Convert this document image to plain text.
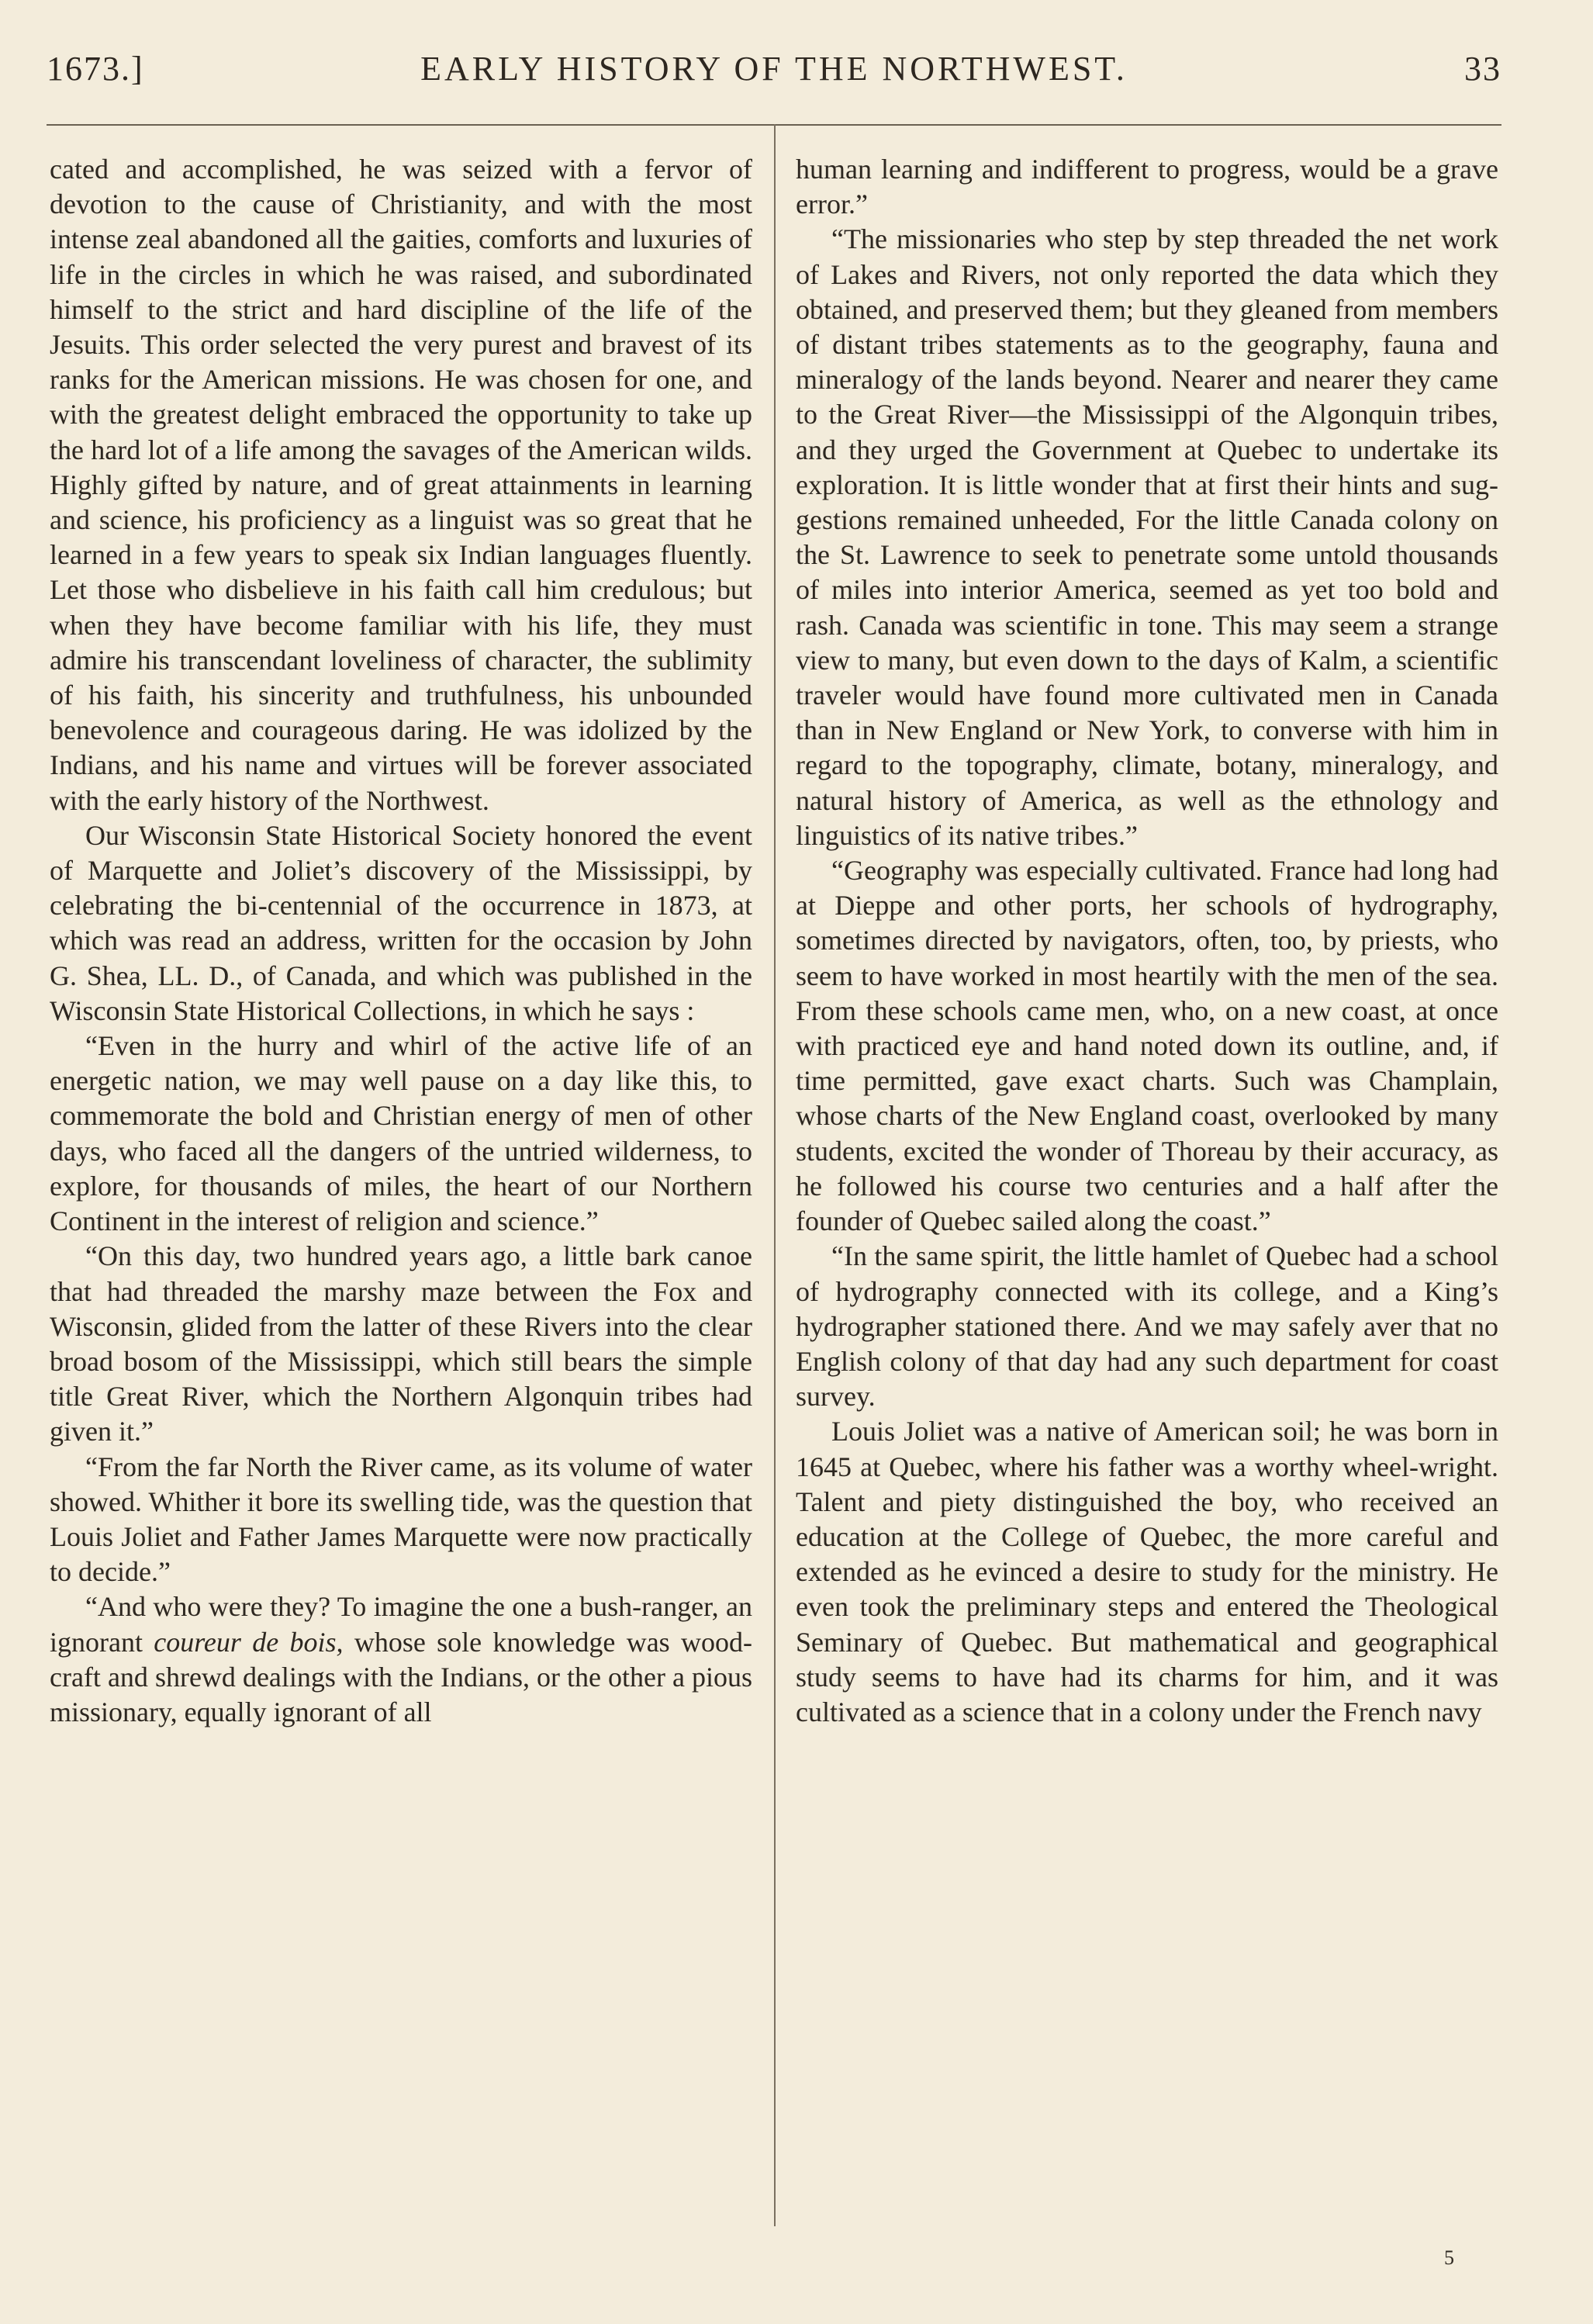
1673.]	EARLY HISTORY OF THE NORTHWEST.	33

cated and accomplished, he was seized with a fervor of devotion to the cause of Christianity, and with the most intense zeal abandoned all the gaities, comforts and luxuries of life in the circles in which he was raised, and subordinated himself to the strict and hard discipline of the life of the Jesuits. This order selected the very purest and bravest of its ranks for the American missions. He was chosen for one, and with the greatest delight embraced the opportunity to take up the hard lot of a life among the savages of the American wilds. Highly gifted by nature, and of great attainments in learning and science, his proficiency as a linguist was so great that he learned in a few years to speak six Indian languages fluently. Let those who disbelieve in his faith call him credulous; but when they have become familiar with his life, they must admire his transcendant loveliness of character, the sublimity of his faith, his sincerity and truthfulness, his unbounded benevolence and courageous daring. He was idolized by the Indians, and his name and virtues will be forever associated with the early history of the Northwest.

Our Wisconsin State Historical Society honored the event of Marquette and Joliet’s discovery of the Mississippi, by celebrating the bi-centennial of the occurrence in 1873, at which was read an address, written for the occasion by John G. Shea, LL. D., of Canada, and which was published in the Wisconsin State Historical Collections, in which he says :

“Even in the hurry and whirl of the active life of an energetic nation, we may well pause on a day like this, to commemorate the bold and Christian energy of men of other days, who faced all the dangers of the untried wilderness, to explore, for thousands of miles, the heart of our Northern Continent in the interest of religion and science.”

“On this day, two hundred years ago, a little bark canoe that had threaded the marshy maze between the Fox and Wisconsin, glided from the latter of these Rivers into the clear broad bosom of the Mississippi, which still bears the simple title Great River, which the Northern Algonquin tribes had given it.”

“From the far North the River came, as its volume of water showed. Whither it bore its swelling tide, was the question that Louis Joliet and Father James Marquette were now practically to decide.”

“And who were they? To imagine the one a bush-ranger, an ignorant coureur de bois, whose sole knowledge was wood-craft and shrewd dealings with the Indians, or the other a pious missionary, equally ignorant of all

human learning and indifferent to progress, would be a grave error.”

“The missionaries who step by step threaded the net work of Lakes and Rivers, not only reported the data which they obtained, and preserved them; but they gleaned from members of distant tribes statements as to the geography, fauna and mineralogy of the lands beyond. Nearer and nearer they came to the Great River—the Mississippi of the Algonquin tribes, and they urged the Government at Quebec to undertake its exploration. It is little wonder that at first their hints and suggestions remained unheeded, For the little Canada colony on the St. Lawrence to seek to penetrate some untold thousands of miles into interior America, seemed as yet too bold and rash. Canada was scientific in tone. This may seem a strange view to many, but even down to the days of Kalm, a scientific traveler would have found more cultivated men in Canada than in New England or New York, to converse with him in regard to the topography, climate, botany, mineralogy, and natural history of America, as well as the ethnology and linguistics of its native tribes.”

“Geography was especially cultivated. France had long had at Dieppe and other ports, her schools of hydrography, sometimes directed by navigators, often, too, by priests, who seem to have worked in most heartily with the men of the sea. From these schools came men, who, on a new coast, at once with practiced eye and hand noted down its outline, and, if time permitted, gave exact charts. Such was Champlain, whose charts of the New England coast, overlooked by many students, excited the wonder of Thoreau by their accuracy, as he followed his course two centuries and a half after the founder of Quebec sailed along the coast.”

“In the same spirit, the little hamlet of Quebec had a school of hydrography connected with its college, and a King’s hydrographer stationed there. And we may safely aver that no English colony of that day had any such department for coast survey.

Louis Joliet was a native of American soil; he was born in 1645 at Quebec, where his father was a worthy wheel-wright. Talent and piety distinguished the boy, who received an education at the College of Quebec, the more careful and extended as he evinced a desire to study for the ministry. He even took the preliminary steps and entered the Theological Seminary of Quebec. But mathematical and geographical study seems to have had its charms for him, and it was cultivated as a science that in a colony under the French navy

5
